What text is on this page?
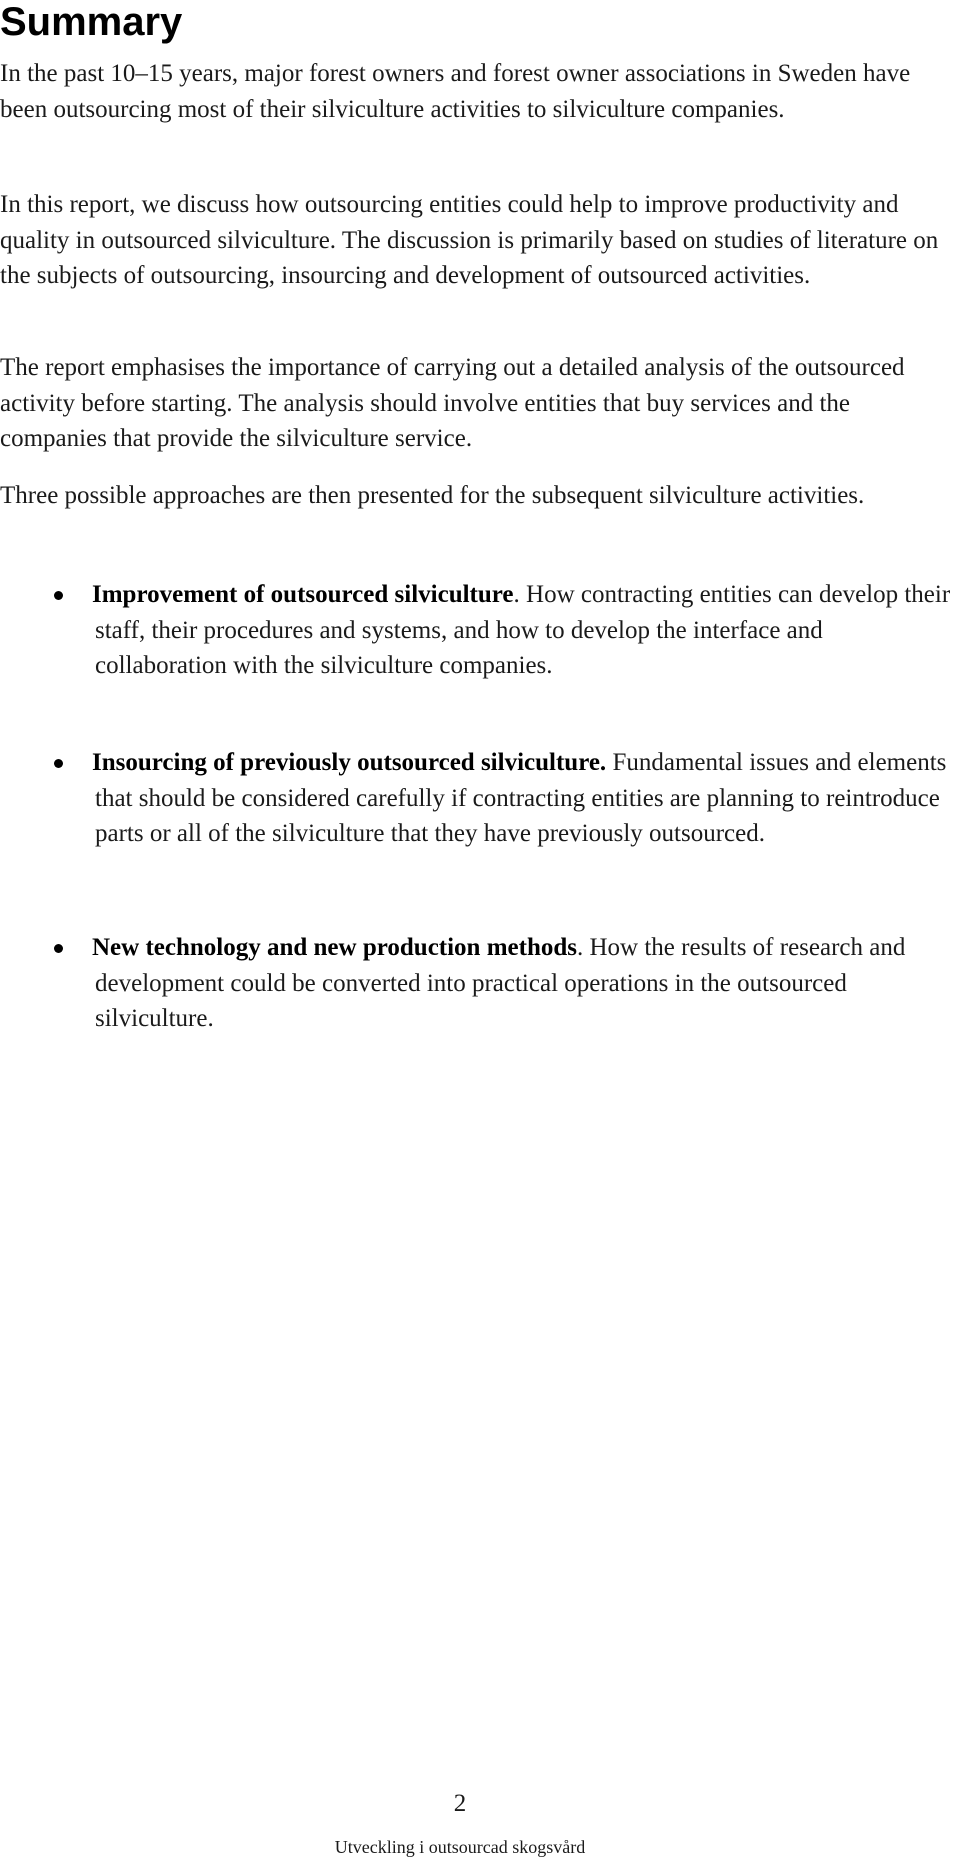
Summary

In the past 10–15 years, major forest owners and forest owner associations in Sweden have been outsourcing most of their silviculture activities to silviculture companies.

In this report, we discuss how outsourcing entities could help to improve productivity and quality in outsourced silviculture. The discussion is primarily based on studies of literature on the subjects of outsourcing, insourcing and development of outsourced activities.

The report emphasises the importance of carrying out a detailed analysis of the outsourced activity before starting. The analysis should involve entities that buy services and the companies that provide the silviculture service.

Three possible approaches are then presented for the subsequent silviculture activities.

Improvement of outsourced silviculture. How contracting entities can develop their staff, their procedures and systems, and how to develop the interface and collaboration with the silviculture companies.

Insourcing of previously outsourced silviculture. Fundamental issues and elements that should be considered carefully if contracting entities are planning to reintroduce parts or all of the silviculture that they have previously outsourced.

New technology and new production methods. How the results of research and development could be converted into practical operations in the outsourced silviculture.

2
Utveckling i outsourcad skogsvård
